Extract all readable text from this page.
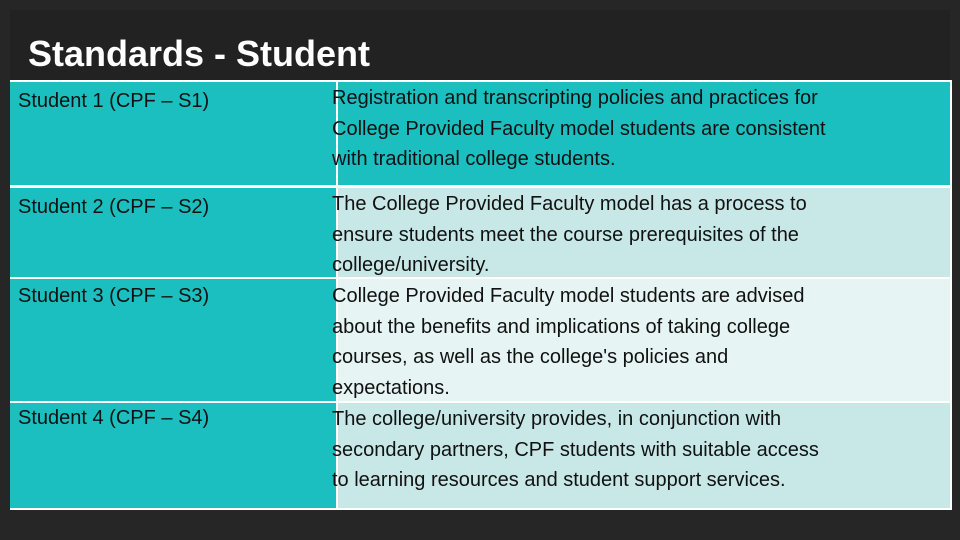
Standards - Student
Student 1 (CPF – S1)
Student 2 (CPF – S2)
Student 3 (CPF – S3)
Student 4 (CPF – S4)
Registration and transcripting policies and practices for
College Provided Faculty model students are consistent
with traditional college students.
The College Provided Faculty model has a process to
ensure students meet the course prerequisites of the
college/university.
College Provided Faculty model students are advised
about the benefits and implications of taking college
courses, as well as the college's policies and
expectations.
The college/university provides, in conjunction with
secondary partners, CPF students with suitable access
to learning resources and student support services.
